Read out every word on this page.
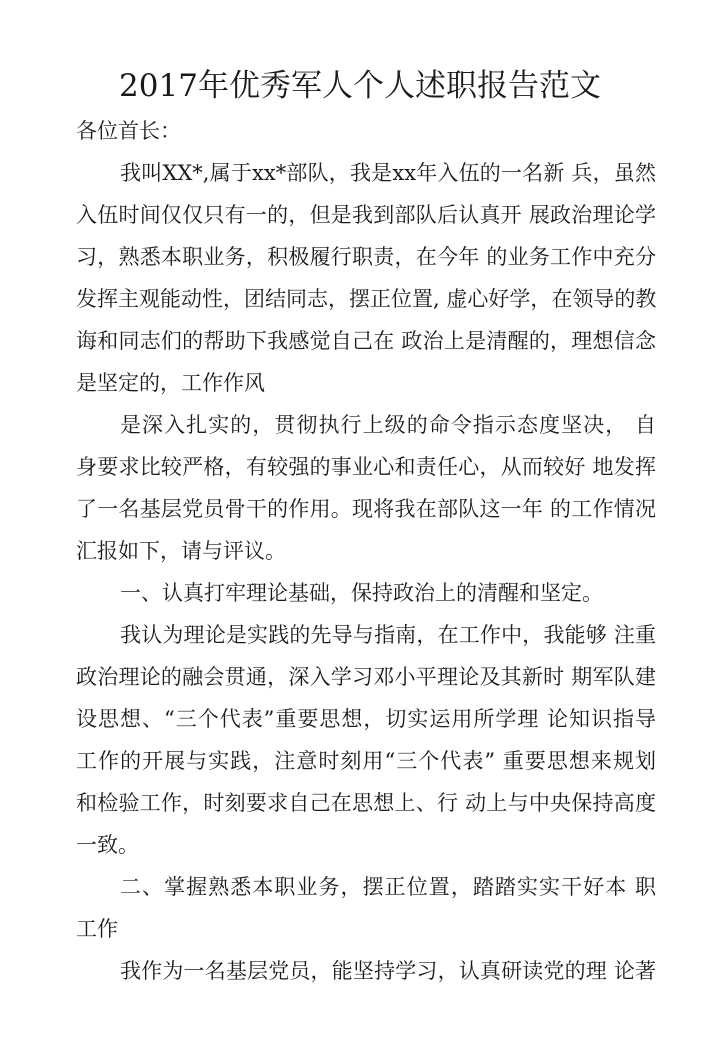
2017年优秀军人个人述职报告范文
各位首长：
我叫XX*,属于xx*部队，我是xx年入伍的一名新 兵，虽然
入伍时间仅仅只有一的，但是我到部队后认真开 展政治理论学
习，熟悉本职业务，积极履行职责，在今年 的业务工作中充分
发挥主观能动性，团结同志，摆正位置, 虚心好学，在领导的教
诲和同志们的帮助下我感觉自己在 政治上是清醒的，理想信念
是坚定的，工作作风
是深入扎实的，贯彻执行上级的命令指示态度坚决， 自
身要求比较严格，有较强的事业心和责任心，从而较好 地发挥
了一名基层党员骨干的作用。现将我在部队这一年 的工作情况
汇报如下，请与评议。
一、认真打牢理论基础，保持政治上的清醒和坚定。
我认为理论是实践的先导与指南，在工作中，我能够 注重
政治理论的融会贯通，深入学习邓小平理论及其新时 期军队建
设思想、“三个代表”重要思想，切实运用所学理 论知识指导
工作的开展与实践，注意时刻用“三个代表” 重要思想来规划
和检验工作，时刻要求自己在思想上、行 动上与中央保持高度
一致。
二、掌握熟悉本职业务，摆正位置，踏踏实实干好本 职
工作
我作为一名基层党员，能坚持学习，认真研读党的理 论著
